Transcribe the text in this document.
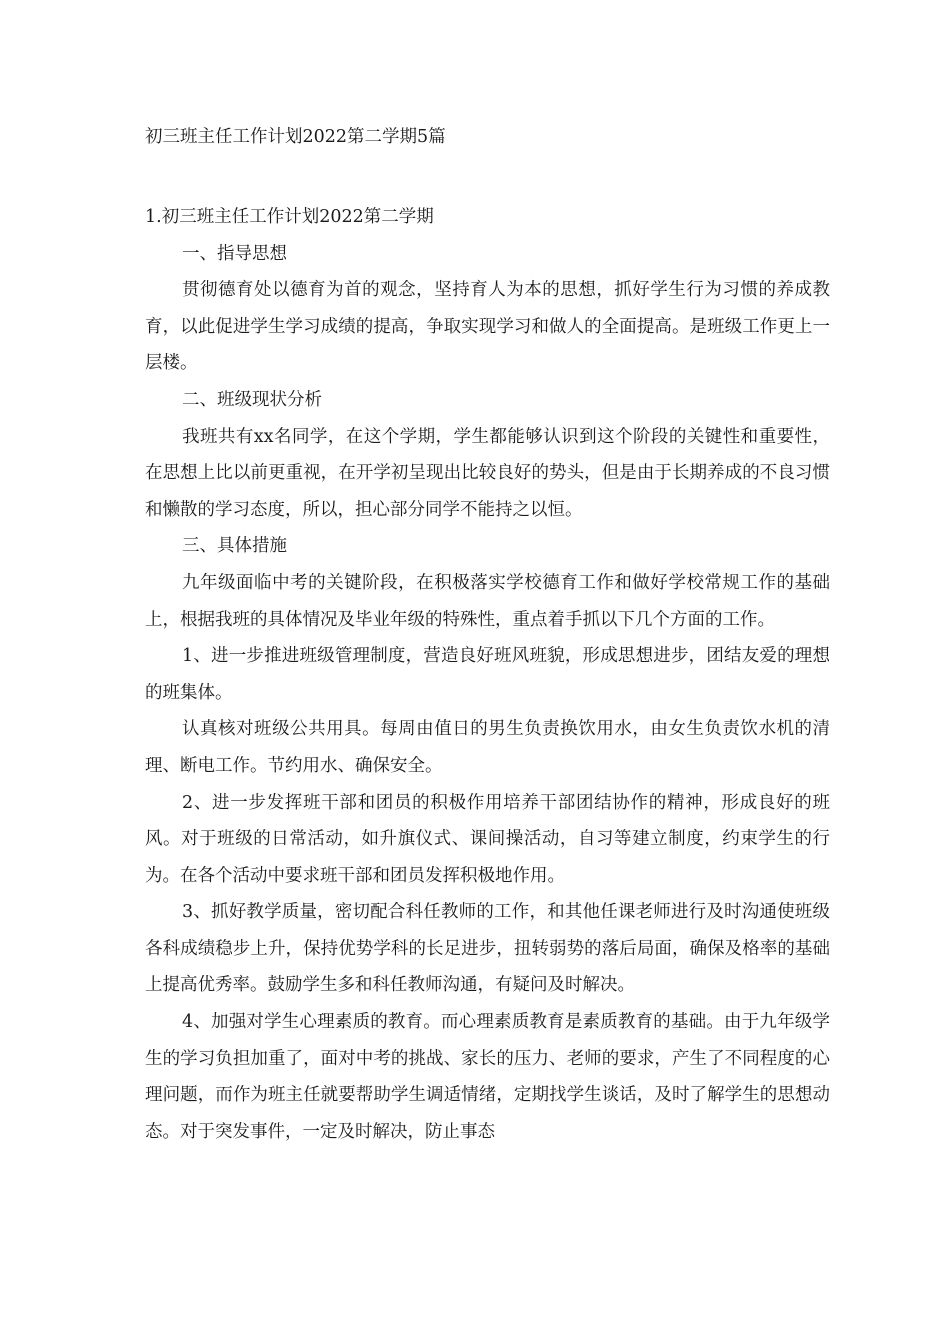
初三班主任工作计划2022第二学期5篇
1.初三班主任工作计划2022第二学期

一、指导思想

贯彻德育处以德育为首的观念，坚持育人为本的思想，抓好学生行为习惯的养成教育，以此促进学生学习成绩的提高，争取实现学习和做人的全面提高。是班级工作更上一层楼。

二、班级现状分析

我班共有xx名同学，在这个学期，学生都能够认识到这个阶段的关键性和重要性，在思想上比以前更重视，在开学初呈现出比较良好的势头，但是由于长期养成的不良习惯和懒散的学习态度，所以，担心部分同学不能持之以恒。

三、具体措施

九年级面临中考的关键阶段，在积极落实学校德育工作和做好学校常规工作的基础上，根据我班的具体情况及毕业年级的特殊性，重点着手抓以下几个方面的工作。

1、进一步推进班级管理制度，营造良好班风班貌，形成思想进步，团结友爱的理想的班集体。

认真核对班级公共用具。每周由值日的男生负责换饮用水，由女生负责饮水机的清理、断电工作。节约用水、确保安全。

2、进一步发挥班干部和团员的积极作用培养干部团结协作的精神，形成良好的班风。对于班级的日常活动，如升旗仪式、课间操活动，自习等建立制度，约束学生的行为。在各个活动中要求班干部和团员发挥积极地作用。

3、抓好教学质量，密切配合科任教师的工作，和其他任课老师进行及时沟通使班级各科成绩稳步上升，保持优势学科的长足进步，扭转弱势的落后局面，确保及格率的基础上提高优秀率。鼓励学生多和科任教师沟通，有疑问及时解决。

4、加强对学生心理素质的教育。而心理素质教育是素质教育的基础。由于九年级学生的学习负担加重了，面对中考的挑战、家长的压力、老师的要求，产生了不同程度的心理问题，而作为班主任就要帮助学生调适情绪，定期找学生谈话，及时了解学生的思想动态。对于突发事件，一定及时解决，防止事态
